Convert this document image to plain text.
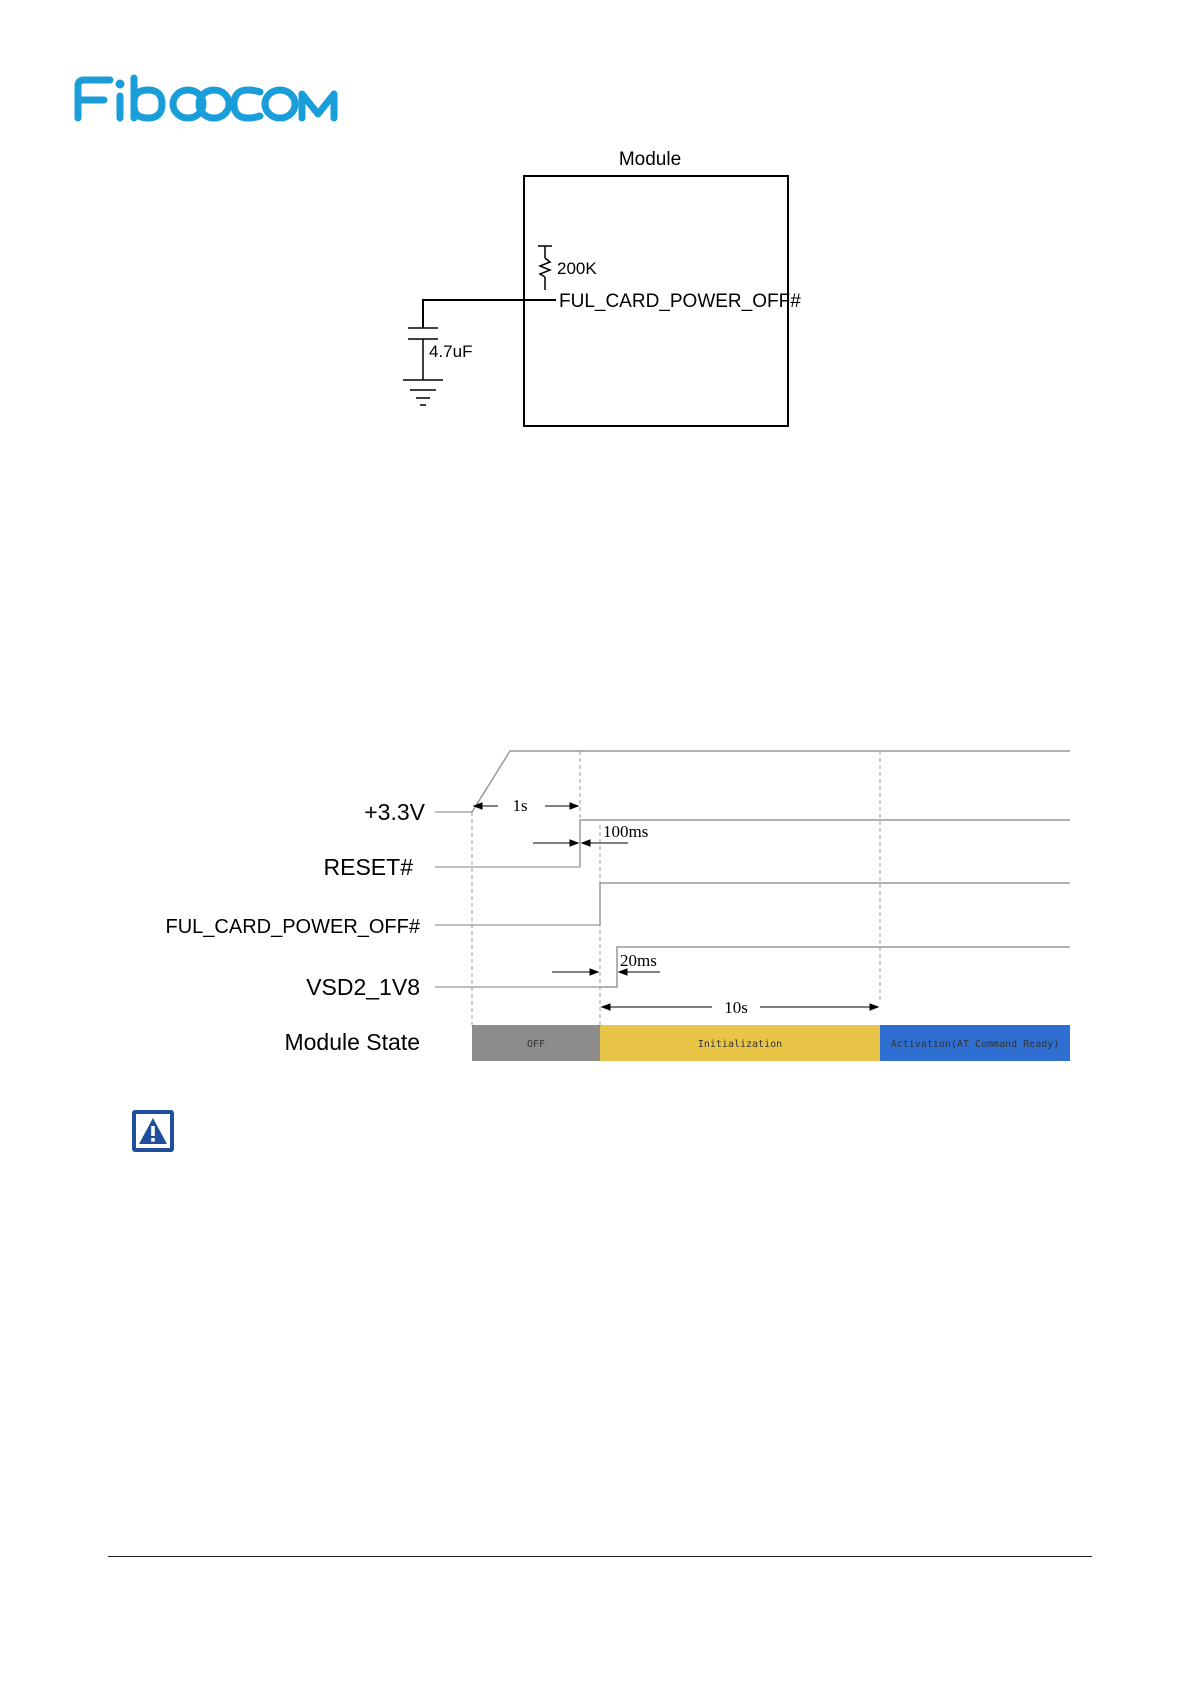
Module
200K
FUL_CARD_POWER_OFF#
4.7uF
+3.3V
RESET#
FUL_CARD_POWER_OFF#
VSD2_1V8
Module State
1s
100ms
20ms
10s
OFF	Initialization	Activation(AT Command Ready)
